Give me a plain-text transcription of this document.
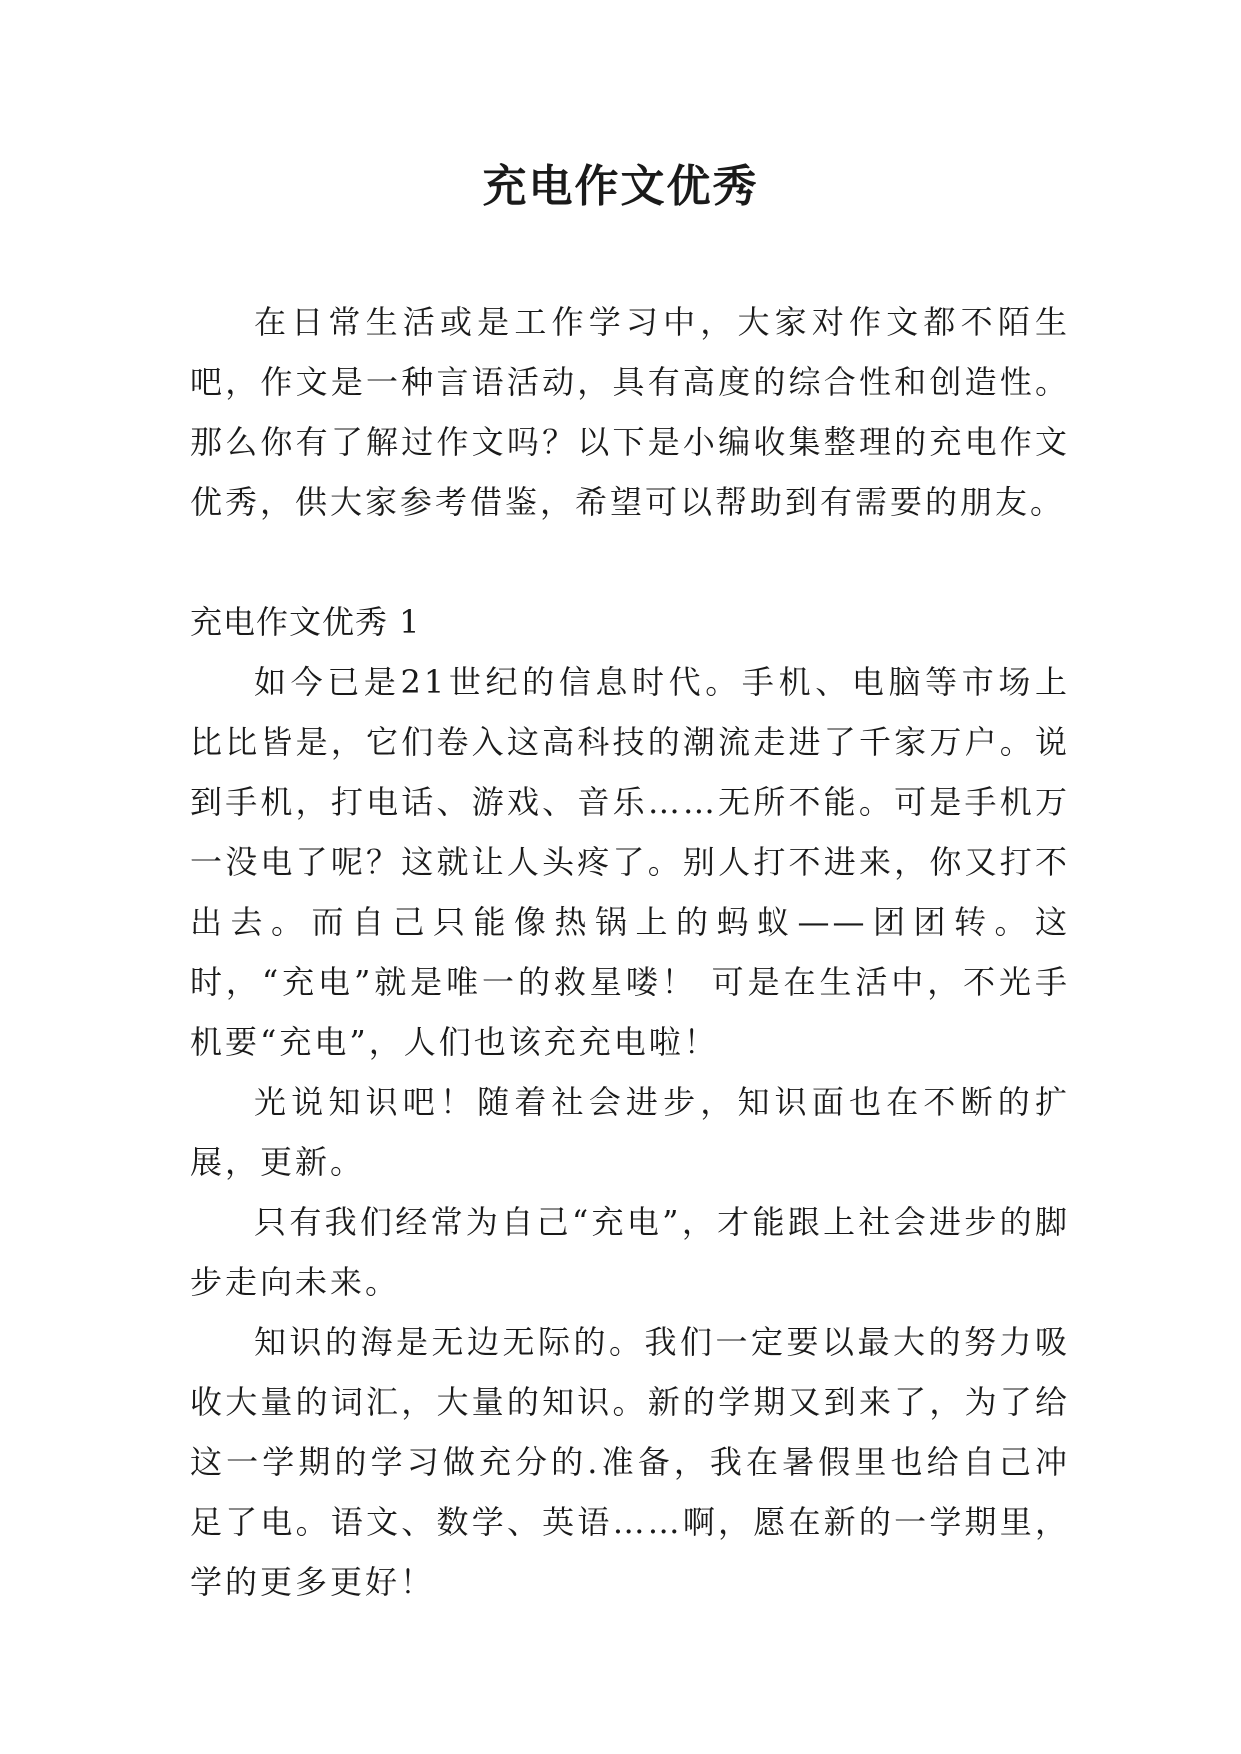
充电作文优秀

在日常生活或是工作学习中，大家对作文都不陌生吧，作文是一种言语活动，具有高度的综合性和创造性。那么你有了解过作文吗？以下是小编收集整理的充电作文优秀，供大家参考借鉴，希望可以帮助到有需要的朋友。

充电作文优秀 1

如今已是21世纪的信息时代。手机、电脑等市场上比比皆是，它们卷入这高科技的潮流走进了千家万户。说到手机，打电话、游戏、音乐……无所不能。可是手机万一没电了呢？这就让人头疼了。别人打不进来，你又打不出去。而自己只能像热锅上的蚂蚁——团团转。这时，“充电”就是唯一的救星喽！ 可是在生活中，不光手机要“充电”，人们也该充充电啦！

光说知识吧！随着社会进步，知识面也在不断的扩展，更新。

只有我们经常为自己“充电”，才能跟上社会进步的脚步走向未来。

知识的海是无边无际的。我们一定要以最大的努力吸收大量的词汇，大量的知识。新的学期又到来了，为了给这一学期的学习做充分的.准备，我在暑假里也给自己冲足了电。语文、数学、英语……啊，愿在新的一学期里，学的更多更好！
